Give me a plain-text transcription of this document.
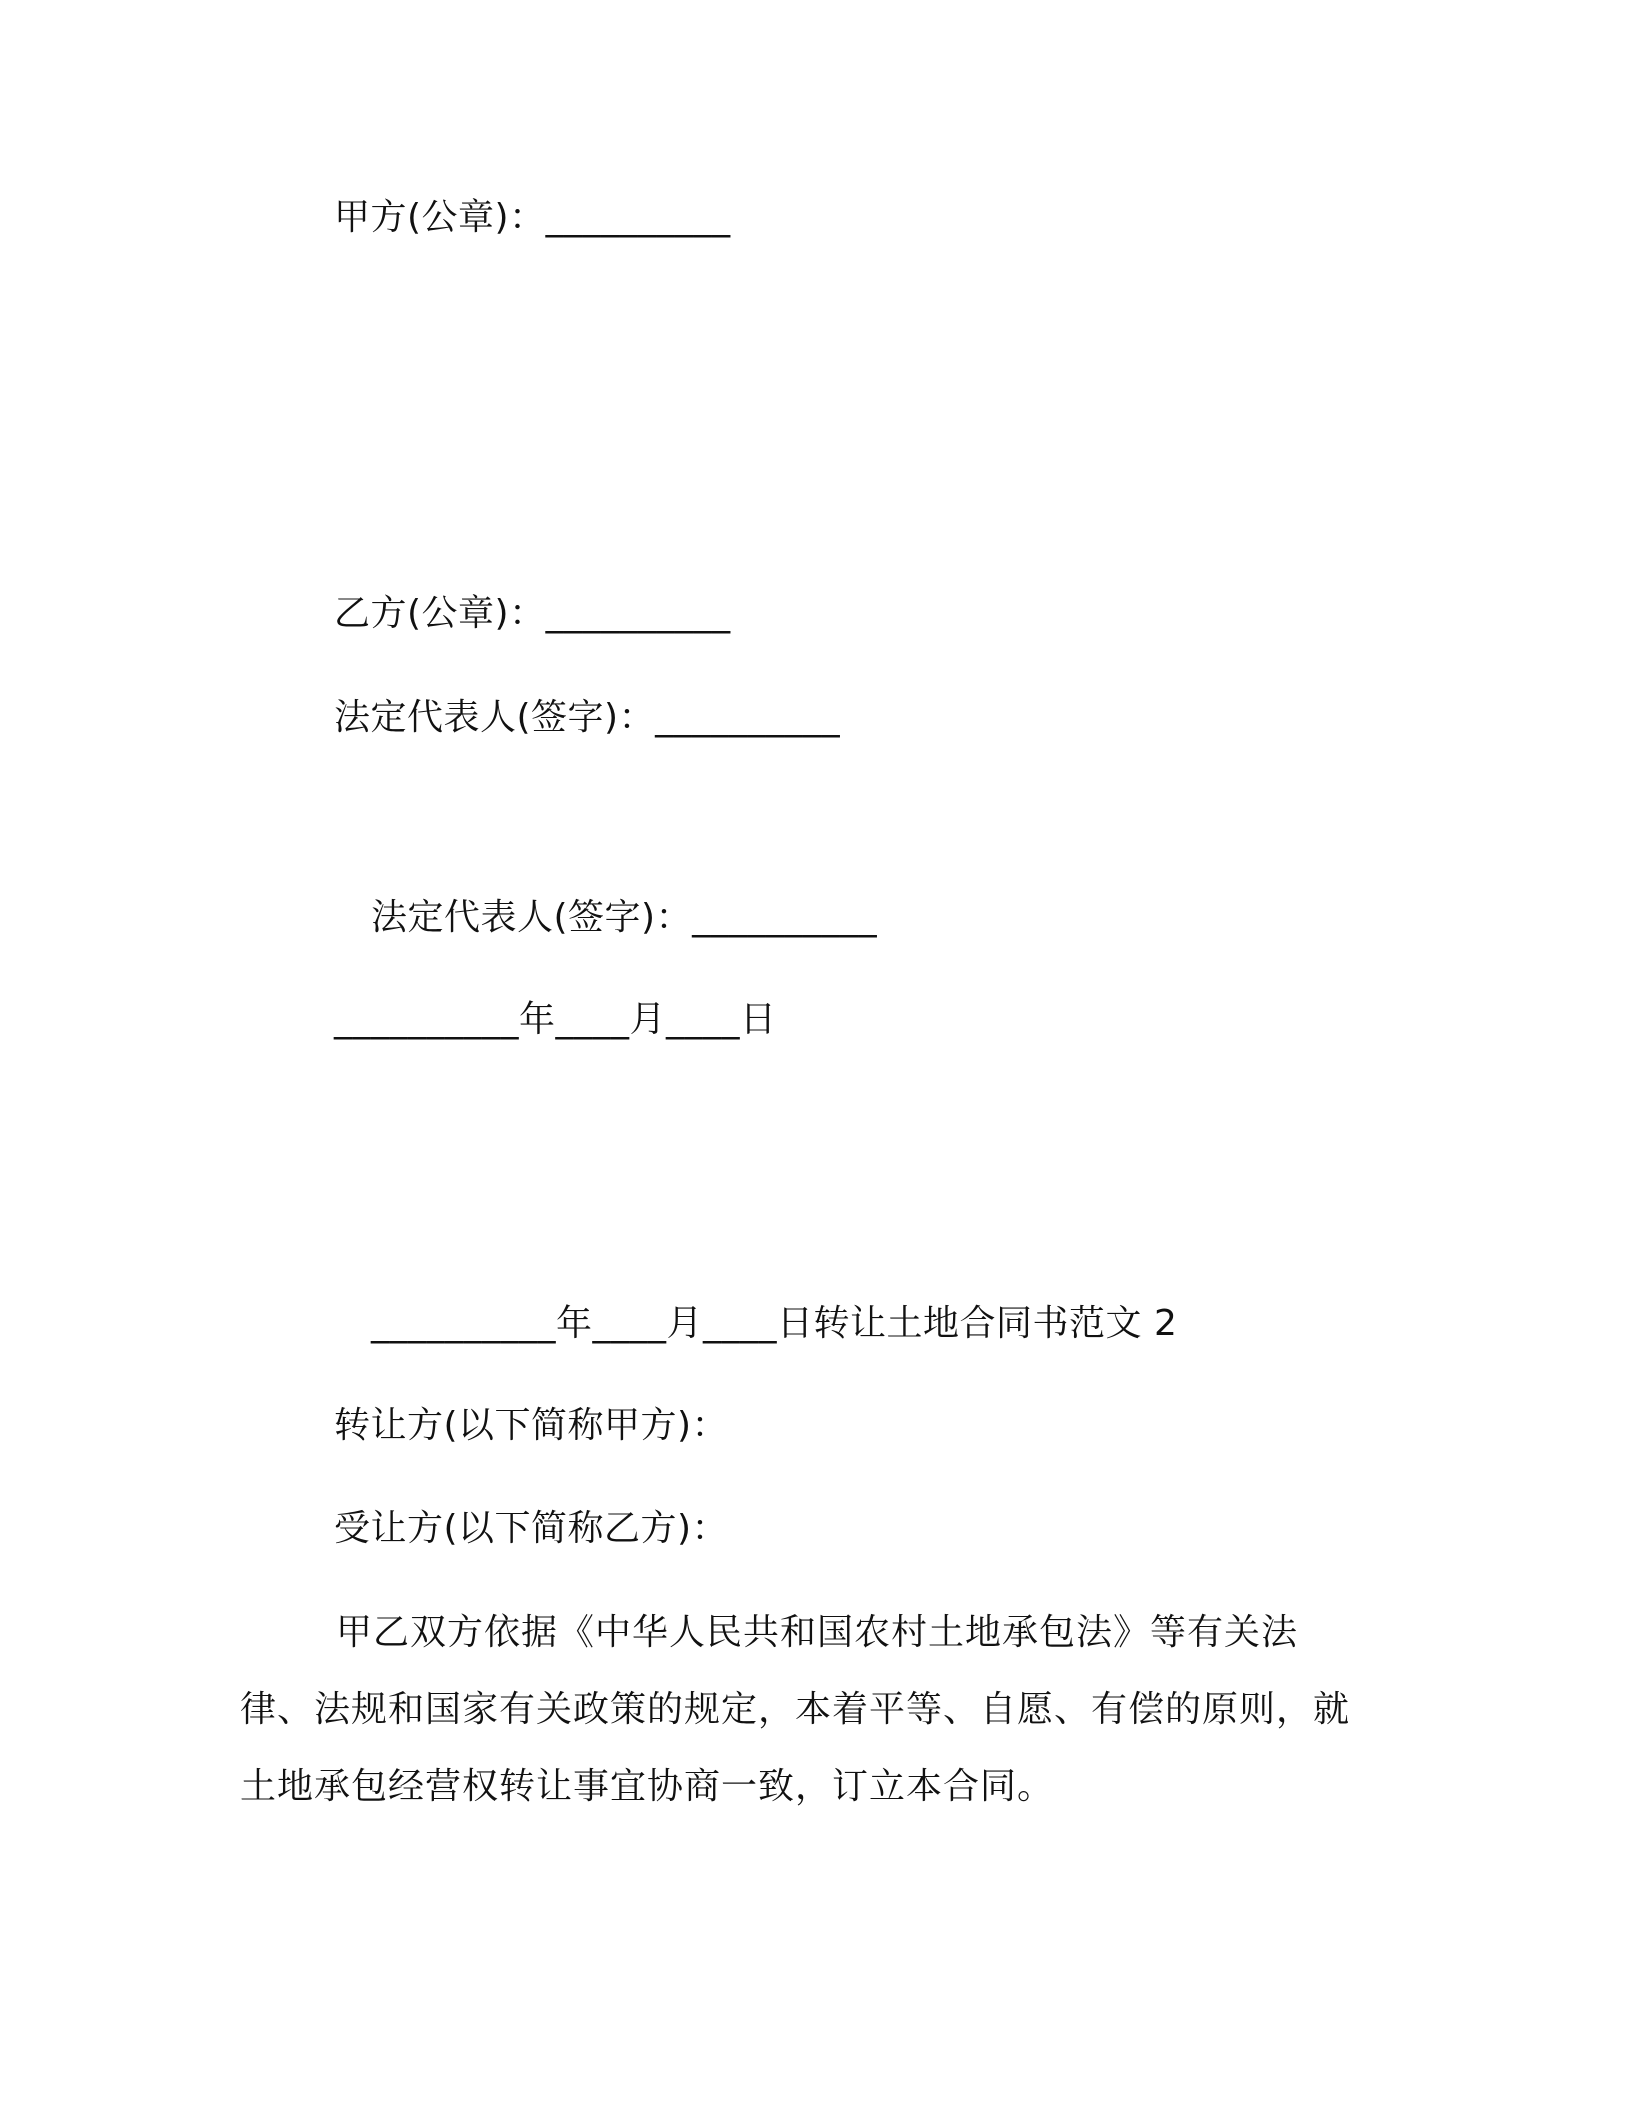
甲方(公章)：__________
乙方(公章)：__________
法定代表人(签字)：__________
法定代表人(签字)：__________
__________年____月____日
__________年____月____日转让土地合同书范文 2
转让方(以下简称甲方)：
受让方(以下简称乙方)：
甲乙双方依据《中华人民共和国农村土地承包法》等有关法律、法规和国家有关政策的规定，本着平等、自愿、有偿的原则，就土地承包经营权转让事宜协商一致，订立本合同。
